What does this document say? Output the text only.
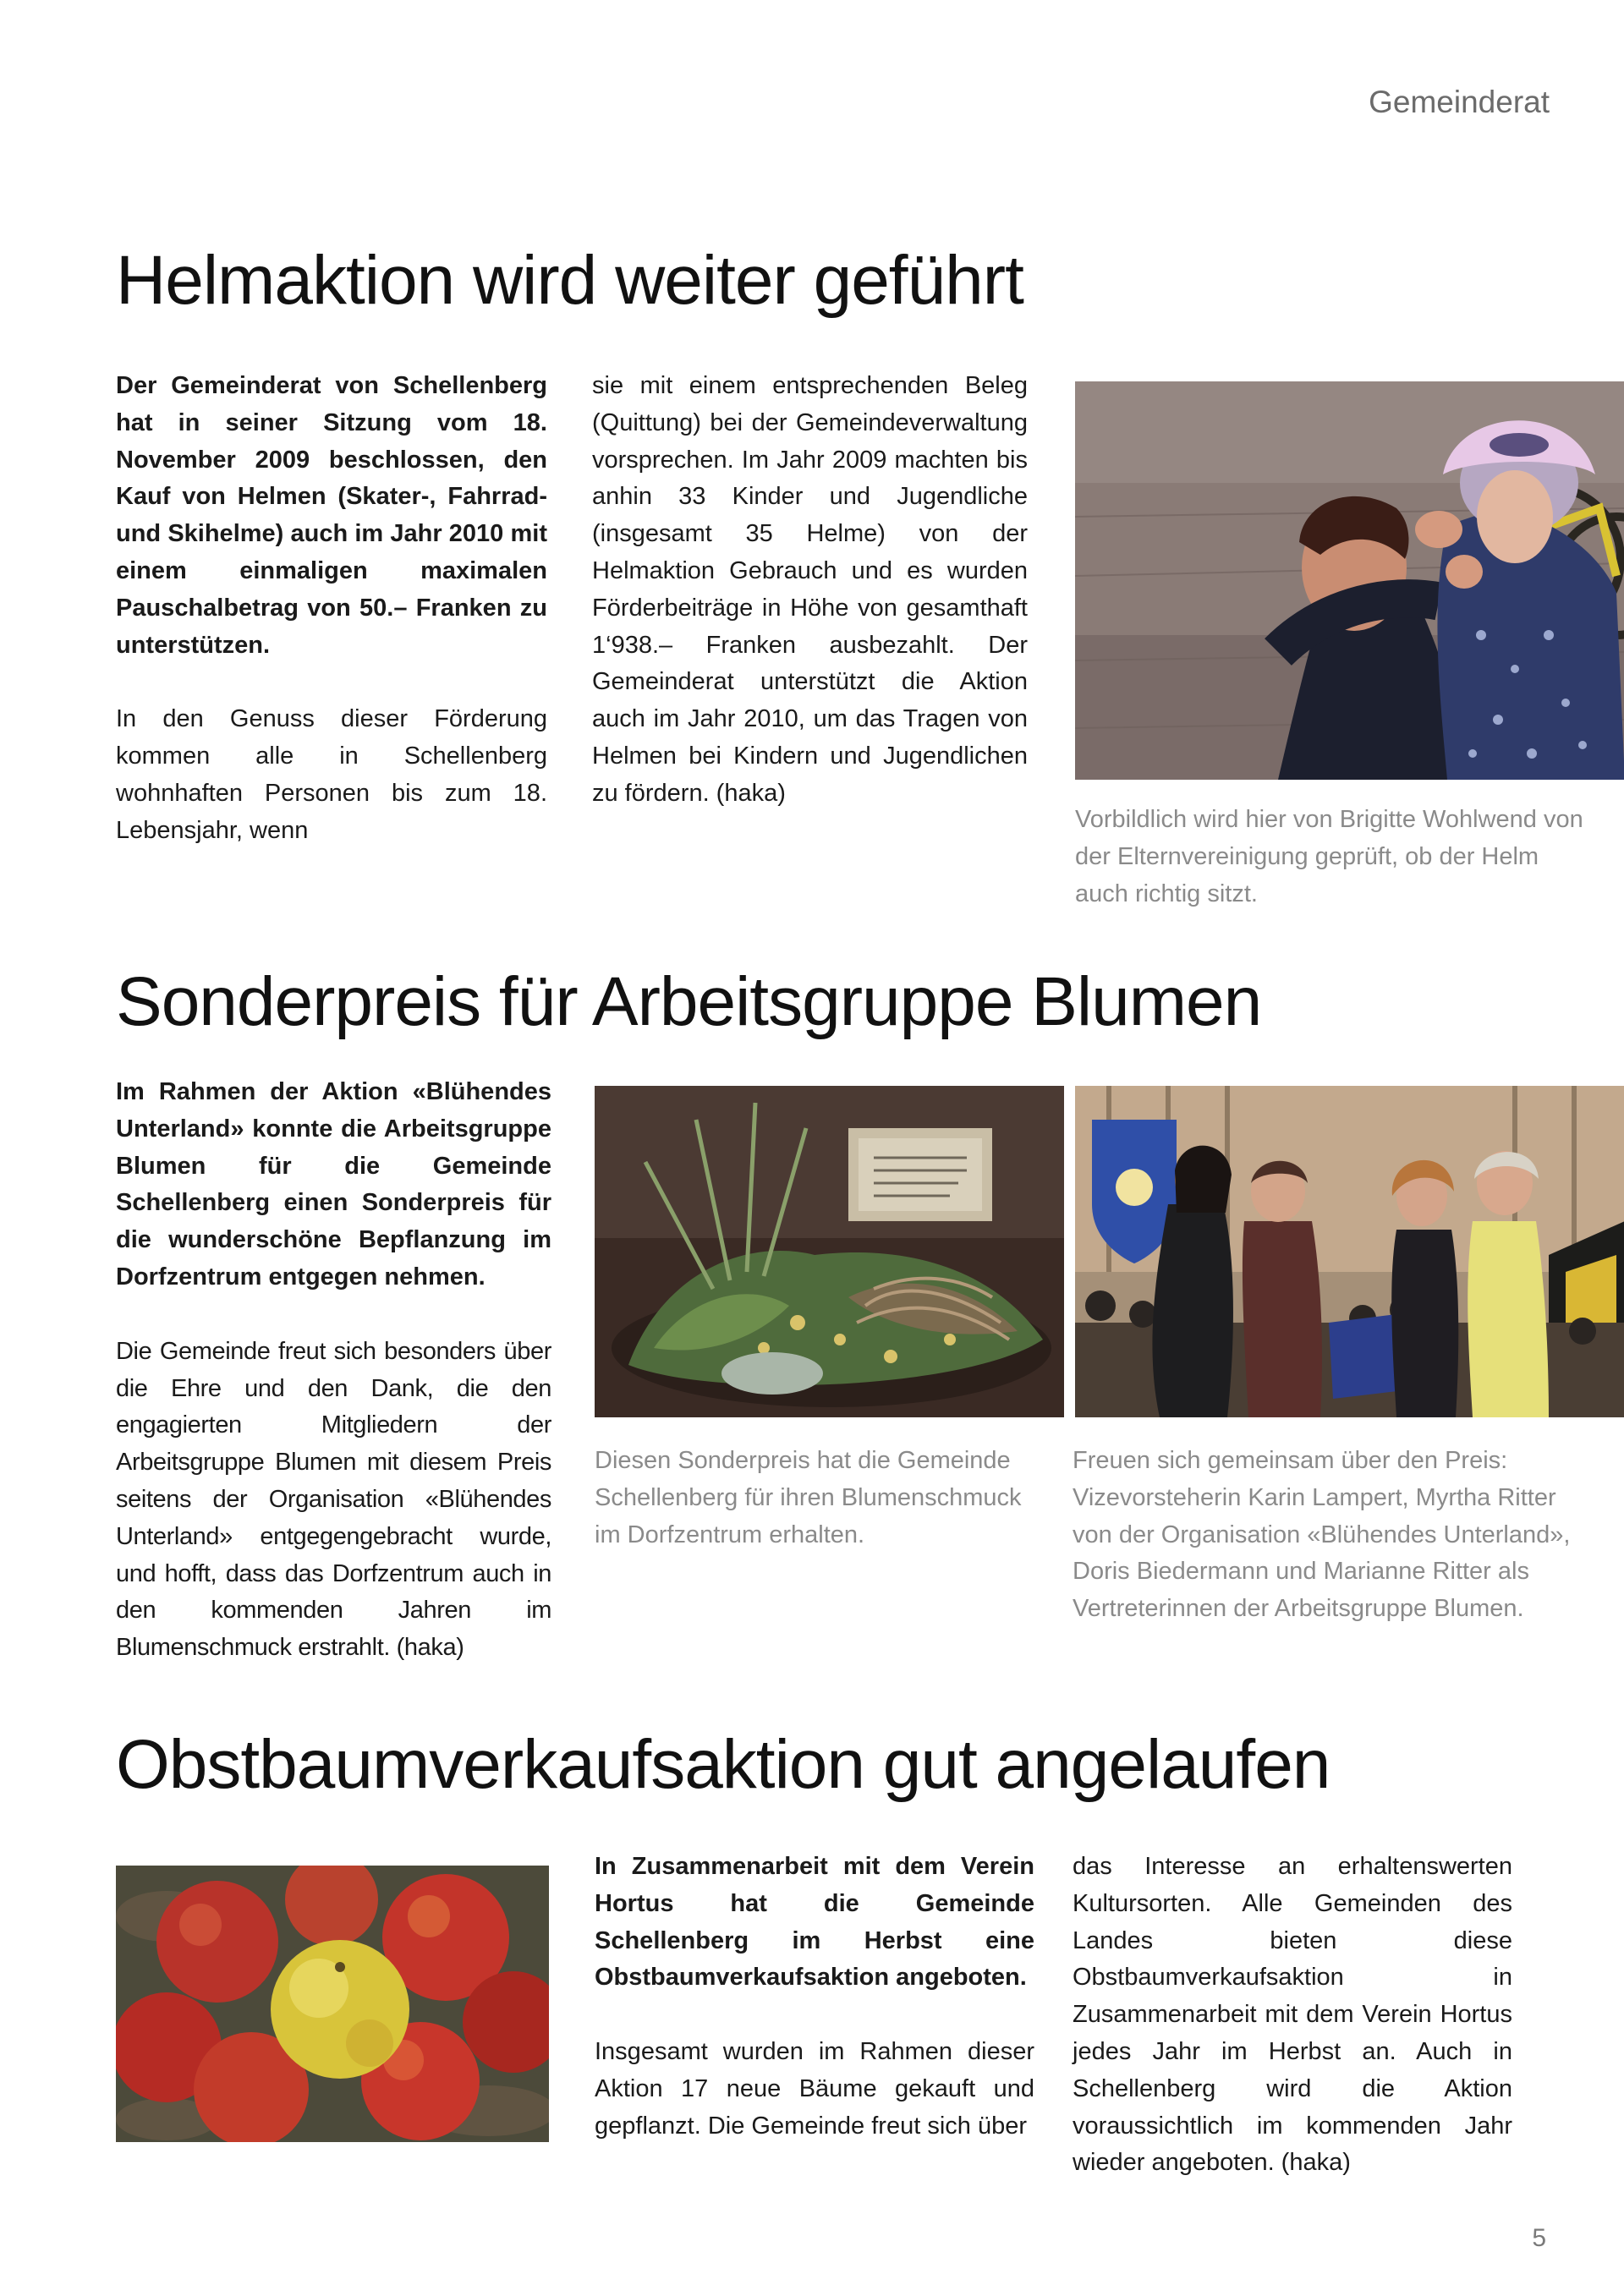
Gemeinderat
Helmaktion wird weiter geführt

Der Gemeinderat von Schellenberg hat in seiner Sitzung vom 18. November 2009 beschlossen, den Kauf von Helmen (Skater-, Fahrrad- und Skihelme) auch im Jahr 2010 mit einem einmaligen maximalen Pauschalbetrag von 50.– Franken zu unterstützen.

In den Genuss dieser Förderung kommen alle in Schellenberg wohnhaften Personen bis zum 18. Lebensjahr, wenn

sie mit einem entsprechenden Beleg (Quittung) bei der Gemeindeverwaltung vorsprechen. Im Jahr 2009 machten bis anhin 33 Kinder und Jugendliche (insgesamt 35 Helme) von der Helmaktion Gebrauch und es wurden Förderbeiträge in Höhe von gesamthaft 1‘938.– Franken ausbezahlt. Der Gemeinderat unterstützt die Aktion auch im Jahr 2010, um das Tragen von Helmen bei Kindern und Jugendlichen zu fördern. (haka)

Vorbildlich wird hier von Brigitte Wohlwend von der Elternvereinigung geprüft, ob der Helm auch richtig sitzt.
Sonderpreis für Arbeitsgruppe Blumen

Im Rahmen der Aktion «Blühendes Unterland» konnte die Arbeitsgruppe Blumen für die Gemeinde Schellenberg einen Sonderpreis für die wunderschöne Bepflanzung im Dorfzentrum entgegen nehmen.

Die Gemeinde freut sich besonders über die Ehre und den Dank, die den engagierten Mitgliedern der Arbeitsgruppe Blumen mit diesem Preis seitens der Organisation «Blühendes Unterland» entgegengebracht wurde, und hofft, dass das Dorfzentrum auch in den kommenden Jahren im Blumenschmuck erstrahlt. (haka)

Diesen Sonderpreis hat die Gemeinde Schellenberg für ihren Blumenschmuck im Dorfzentrum erhalten.
Freuen sich gemeinsam über den Preis: Vizevorsteherin Karin Lampert, Myrtha Ritter von der Organisation «Blühendes Unterland», Doris Biedermann und Marianne Ritter als Vertreterinnen der Arbeitsgruppe Blumen.
Obstbaumverkaufsaktion gut angelaufen

In Zusammenarbeit mit dem Verein Hortus hat die Gemeinde Schellenberg im Herbst eine Obstbaumverkaufsaktion angeboten.

Insgesamt wurden im Rahmen dieser Aktion 17 neue Bäume gekauft und gepflanzt. Die Gemeinde freut sich über

das Interesse an erhaltenswerten Kultursorten. Alle Gemeinden des Landes bieten diese Obstbaumverkaufsaktion in Zusammenarbeit mit dem Verein Hortus jedes Jahr im Herbst an. Auch in Schellenberg wird die Aktion voraussichtlich im kommenden Jahr wieder angeboten. (haka)

5
